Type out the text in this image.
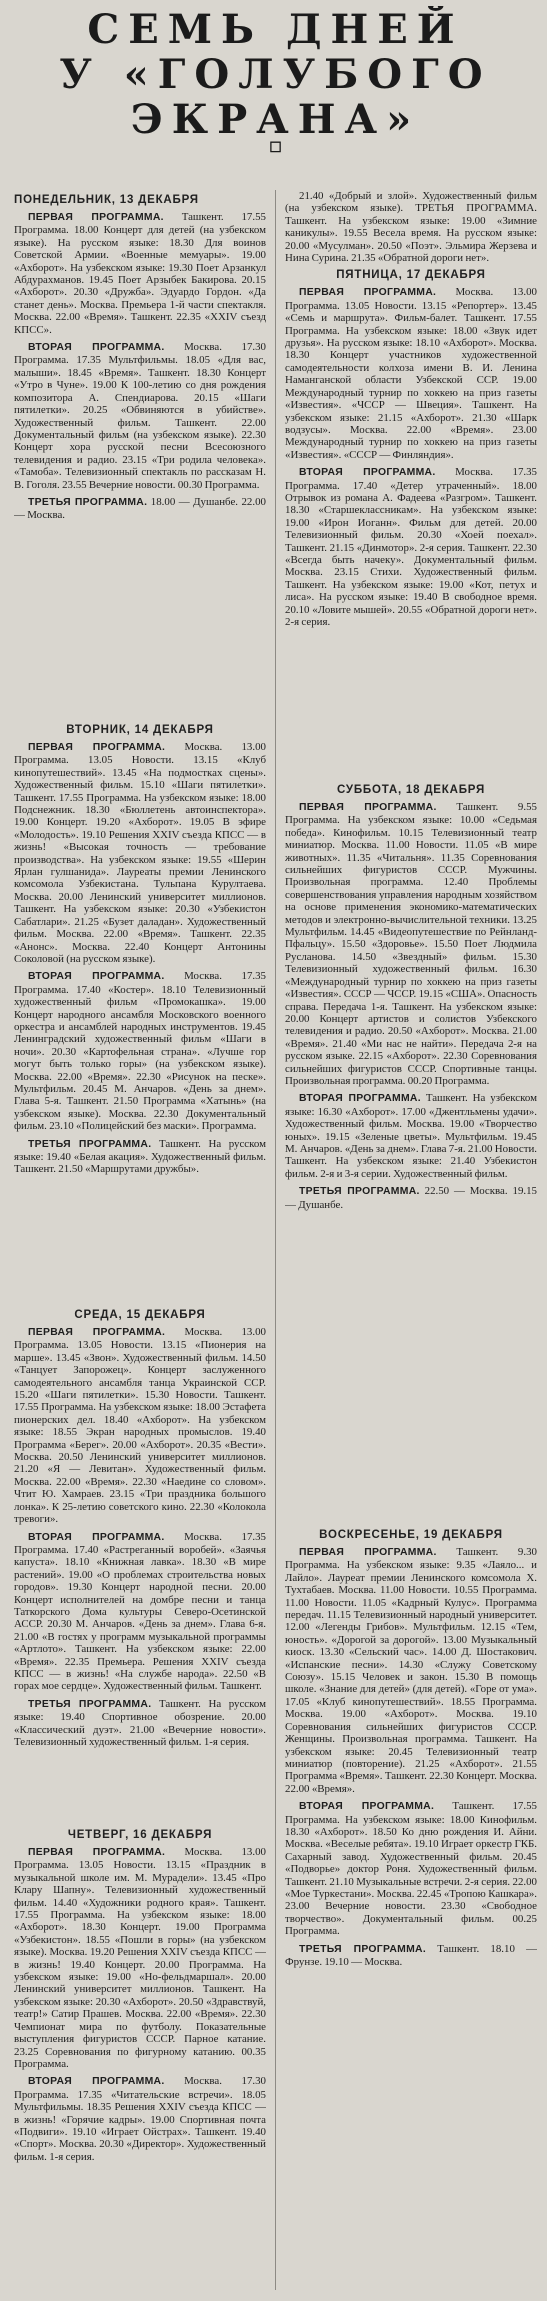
СЕМЬ ДНЕЙ
У «ГОЛУБОГО
ЭКРАНА»
☐
ПОНЕДЕЛЬНИК, 13 ДЕКАБРЯ

ПЕРВАЯ ПРОГРАММА. Ташкент. 17.55 Программа. 18.00 Концерт для детей (на узбекском языке). На русском языке: 18.30 Для воинов Советской Армии. «Военные мемуары». 19.00 «Ахборот». На узбекском языке: 19.30 Поет Арзанкул Абдурахманов. 19.45 Поет Арзыбек Бакирова. 20.15 «Ахборот». 20.30 «Дружба». Эдуардо Гордон. «Да станет день». Москва. Премьера 1-й части спектакля. Москва. 22.00 «Время». Ташкент. 22.35 «XXIV съезд КПСС».

ВТОРАЯ ПРОГРАММА. Москва. 17.30 Программа. 17.35 Мультфильмы. 18.05 «Для вас, малыши». 18.45 «Время». Ташкент. 18.30 Концерт «Утро в Чуне». 19.00 К 100-летию со дня рождения композитора А. Спендиарова. 20.15 «Шаги пятилетки». 20.25 «Обвиняются в убийстве». Художественный фильм. Ташкент. 22.00 Документальный фильм (на узбекском языке). 22.30 Концерт хора русской песни Всесоюзного телевидения и радио. 23.15 «Три родила человека». «Тамоба». Телевизионный спектакль по рассказам Н. В. Гоголя. 23.55 Вечерние новости. 00.30 Программа.

ТРЕТЬЯ ПРОГРАММА. 18.00 — Душанбе. 22.00 — Москва.

ВТОРНИК, 14 ДЕКАБРЯ

ПЕРВАЯ ПРОГРАММА. Москва. 13.00 Программа. 13.05 Новости. 13.15 «Клуб кинопутешествий». 13.45 «На подмостках сцены». Художественный фильм. 15.10 «Шаги пятилетки». Ташкент. 17.55 Программа. На узбекском языке: 18.00 Подснежник. 18.30 «Бюллетень автоинспектора». 19.00 Концерт. 19.20 «Ахборот». 19.05 В эфире «Молодость». 19.10 Решения XXIV съезда КПСС — в жизнь! «Высокая точность — требование производства». На узбекском языке: 19.55 «Шерин Ярлан гулшанида». Лауреаты премии Ленинского комсомола Узбекистана. Тульпана Курултаева. Москва. 20.00 Ленинский университет миллионов. Ташкент. На узбекском языке: 20.30 «Узбекистон Сабатлари». 21.25 «Бузет даладан». Художественный фильм. Москва. 22.00 «Время». Ташкент. 22.35 «Анонс». Москва. 22.40 Концерт Антонины Соколовой (на русском языке).

ВТОРАЯ ПРОГРАММА. Москва. 17.35 Программа. 17.40 «Костер». 18.10 Телевизионный художественный фильм «Промокашка». 19.00 Концерт народного ансамбля Московского военного оркестра и ансамблей народных инструментов. 19.45 Ленинградский художественный фильм «Шаги в ночи». 20.30 «Картофельная страна». «Лучше гор могут быть только горы» (на узбекском языке). Москва. 22.00 «Время». 22.30 «Рисунок на песке». Мультфильм. 20.45 М. Анчаров. «День за днем». Глава 5-я. Ташкент. 21.50 Программа «Хатынь» (на узбекском языке). Москва. 22.30 Документальный фильм. 23.10 «Полицейский без маски». Программа.

ТРЕТЬЯ ПРОГРАММА. Ташкент. На русском языке: 19.40 «Белая акация». Художественный фильм. Ташкент. 21.50 «Маршрутами дружбы».

СРЕДА, 15 ДЕКАБРЯ

ПЕРВАЯ ПРОГРАММА. Москва. 13.00 Программа. 13.05 Новости. 13.15 «Пионерия на марше». 13.45 «Звон». Художественный фильм. 14.50 «Танцует Запорожец». Концерт заслуженного самодеятельного ансамбля танца Украинской ССР. 15.20 «Шаги пятилетки». 15.30 Новости. Ташкент. 17.55 Программа. На узбекском языке: 18.00 Эстафета пионерских дел. 18.40 «Ахборот». На узбекском языке: 18.55 Экран народных промыслов. 19.40 Программа «Берег». 20.00 «Ахборот». 20.35 «Вести». Москва. 20.50 Ленинский университет миллионов. 21.20 «Я — Левитан». Художественный фильм. Москва. 22.00 «Время». 22.30 «Наедине со словом». Чтит Ю. Хамраев. 23.15 «Три праздника большого лонка». К 25-летию советского кино. 22.30 «Колокола тревоги».

ВТОРАЯ ПРОГРАММА. Москва. 17.35 Программа. 17.40 «Растреганный воробей». «Заячья капуста». 18.10 «Книжная лавка». 18.30 «В мире растений». 19.00 «О проблемах строительства новых городов». 19.30 Концерт народной песни. 20.00 Концерт исполнителей на домбре песни и танца Таткорского Дома культуры Северо-Осетинской АССР. 20.30 М. Анчаров. «День за днем». Глава 6-я. 21.00 «В гостях у программ музыкальной программы «Артлото». Ташкент. На узбекском языке: 22.00 «Время». 22.35 Премьера. Решения XXIV съезда КПСС — в жизнь! «На службе народа». 22.50 «В горах мое сердце». Художественный фильм. Ташкент.

ТРЕТЬЯ ПРОГРАММА. Ташкент. На русском языке: 19.40 Спортивное обозрение. 20.00 «Классический дуэт». 21.00 «Вечерние новости». Телевизионный художественный фильм. 1-я серия.

ЧЕТВЕРГ, 16 ДЕКАБРЯ

ПЕРВАЯ ПРОГРАММА. Москва. 13.00 Программа. 13.05 Новости. 13.15 «Праздник в музыкальной школе им. М. Мурадели». 13.45 «Про Клару Шапну». Телевизионный художественный фильм. 14.40 «Художники родного края». Ташкент. 17.55 Программа. На узбекском языке: 18.00 «Ахборот». 18.30 Концерт. 19.00 Программа «Узбекистон». 18.55 «Пошли в горы» (на узбекском языке). Москва. 19.20 Решения XXIV съезда КПСС — в жизнь! 19.40 Концерт. 20.00 Программа. На узбекском языке: 19.00 «Но-фельдмаршал». 20.00 Ленинский университет миллионов. Ташкент. На узбекском языке: 20.30 «Ахборот». 20.50 «Здравствуй, театр!» Сатир Прашев. Москва. 22.00 «Время». 22.30 Чемпионат мира по футболу. Показательные выступления фигуристов СССР. Парное катание. 23.25 Соревнования по фигурному катанию. 00.35 Программа.

ВТОРАЯ ПРОГРАММА. Москва. 17.30 Программа. 17.35 «Читательские встречи». 18.05 Мультфильмы. 18.35 Решения XXIV съезда КПСС — в жизнь! «Горячие кадры». 19.00 Спортивная почта «Подвиги». 19.10 «Играет Ойстрах». Ташкент. 19.40 «Спорт». Москва. 20.30 «Директор». Художественный фильм. 1-я серия.

21.40 «Добрый и злой». Художественный фильм (на узбекском языке). ТРЕТЬЯ ПРОГРАММА. Ташкент. На узбекском языке: 19.00 «Зимние каникулы». 19.55 Весела время. На русском языке: 20.00 «Мусулман». 20.50 «Поэт». Эльмира Жерзева и Нина Сурина. 21.35 «Обратной дороги нет».

ПЯТНИЦА, 17 ДЕКАБРЯ

ПЕРВАЯ ПРОГРАММА. Москва. 13.00 Программа. 13.05 Новости. 13.15 «Репортер». 13.45 «Семь и маршрута». Фильм-балет. Ташкент. 17.55 Программа. На узбекском языке: 18.00 «Звук идет друзья». На русском языке: 18.10 «Ахборот». Москва. 18.30 Концерт участников художественной самодеятельности колхоза имени В. И. Ленина Наманганской области Узбекской ССР. 19.00 Международный турнир по хоккею на приз газеты «Известия». «ЧССР — Швеция». Ташкент. На узбекском языке: 21.15 «Ахборот». 21.30 «Шарк водзусы». Москва. 22.00 «Время». 23.00 Международный турнир по хоккею на приз газеты «Известия». «СССР — Финляндия».

ВТОРАЯ ПРОГРАММА. Москва. 17.35 Программа. 17.40 «Детер утраченный». 18.00 Отрывок из романа А. Фадеева «Разгром». Ташкент. 18.30 «Старшеклассникам». На узбекском языке: 19.00 «Ирон Иоганн». Фильм для детей. 20.00 Телевизионный фильм. 20.30 «Хоей поехал». Ташкент. 21.15 «Динмотор». 2-я серия. Ташкент. 22.30 «Всегда быть начеку». Документальный фильм. Москва. 23.15 Стихи. Художественный фильм. Ташкент. На узбекском языке: 19.00 «Кот, петух и лиса». На русском языке: 19.40 В свободное время. 20.10 «Ловите мышей». 20.55 «Обратной дороги нет». 2-я серия.

СУББОТА, 18 ДЕКАБРЯ

ПЕРВАЯ ПРОГРАММА. Ташкент. 9.55 Программа. На узбекском языке: 10.00 «Седьмая победа». Кинофильм. 10.15 Телевизионный театр миниатюр. Москва. 11.00 Новости. 11.05 «В мире животных». 11.35 «Читальня». 11.35 Соревнования сильнейших фигуристов СССР. Мужчины. Произвольная программа. 12.40 Проблемы совершенствования управления народным хозяйством на основе применения экономико-математических методов и электронно-вычислительной техники. 13.25 Мультфильм. 14.45 «Видеопутешествие по Рейнланд-Пфальцу». 15.50 «Здоровье». 15.50 Поет Людмила Русланова. 14.50 «Звездный» фильм. 15.30 Телевизионный художественный фильм. 16.30 «Международный турнир по хоккею на приз газеты «Известия». СССР — ЧССР. 19.15 «США». Опасность справа. Передача 1-я. Ташкент. На узбекском языке: 20.00 Концерт артистов и солистов Узбекского телевидения и радио. 20.50 «Ахборот». Москва. 21.00 «Время». 21.40 «Ми нас не найти». Передача 2-я на русском языке. 22.15 «Ахборот». 22.30 Соревнования сильнейших фигуристов СССР. Спортивные танцы. Произвольная программа. 00.20 Программа.

ВТОРАЯ ПРОГРАММА. Ташкент. На узбекском языке: 16.30 «Ахборот». 17.00 «Джентльмены удачи». Художественный фильм. Москва. 19.00 «Творчество юных». 19.15 «Зеленые цветы». Мультфильм. 19.45 М. Анчаров. «День за днем». Глава 7-я. 21.00 Новости. Ташкент. На узбекском языке: 21.40 Узбекистон фильм. 2-я и 3-я серии. Художественный фильм.

ТРЕТЬЯ ПРОГРАММА. 22.50 — Москва. 19.15 — Душанбе.

ВОСКРЕСЕНЬЕ, 19 ДЕКАБРЯ

ПЕРВАЯ ПРОГРАММА. Ташкент. 9.30 Программа. На узбекском языке: 9.35 «Лаяло... и Лайло». Лауреат премии Ленинского комсомола Х. Тухтабаев. Москва. 11.00 Новости. 10.55 Программа. 11.00 Новости. 11.05 «Кадрный Кулус». Программа передач. 11.15 Телевизионный народный университет. 12.00 «Легенды Грибов». Мультфильм. 12.15 «Тем, юность». «Дорогой за дорогой». 13.00 Музыкальный киоск. 13.30 «Сельский час». 14.00 Д. Шостакович. «Испанские песни». 14.30 «Служу Советскому Союзу». 15.15 Человек и закон. 15.30 В помощь школе. «Знание для детей» (для детей). «Горе от ума». 17.05 «Клуб кинопутешествий». 18.55 Программа. Москва. 19.00 «Ахборот». Москва. 19.10 Соревнования сильнейших фигуристов СССР. Женщины. Произвольная программа. Ташкент. На узбекском языке: 20.45 Телевизионный театр миниатюр (повторение). 21.25 «Ахборот». 21.55 Программа «Время». Ташкент. 22.30 Концерт. Москва. 22.00 «Время».

ВТОРАЯ ПРОГРАММА. Ташкент. 17.55 Программа. На узбекском языке: 18.00 Кинофильм. 18.30 «Ахборот». 18.50 Ко дню рождения И. Айни. Москва. «Веселые ребята». 19.10 Играет оркестр ГКБ. Сахарный завод. Художественный фильм. 20.45 «Подворье» доктор Роня. Художественный фильм. Ташкент. 21.10 Музыкальные встречи. 2-я серия. 22.00 «Мое Туркестани». Москва. 22.45 «Тропою Кашкара». 23.00 Вечерние новости. 23.30 «Свободное творчество». Документальный фильм. 00.25 Программа.

ТРЕТЬЯ ПРОГРАММА. Ташкент. 18.10 — Фрунзе. 19.10 — Москва.
